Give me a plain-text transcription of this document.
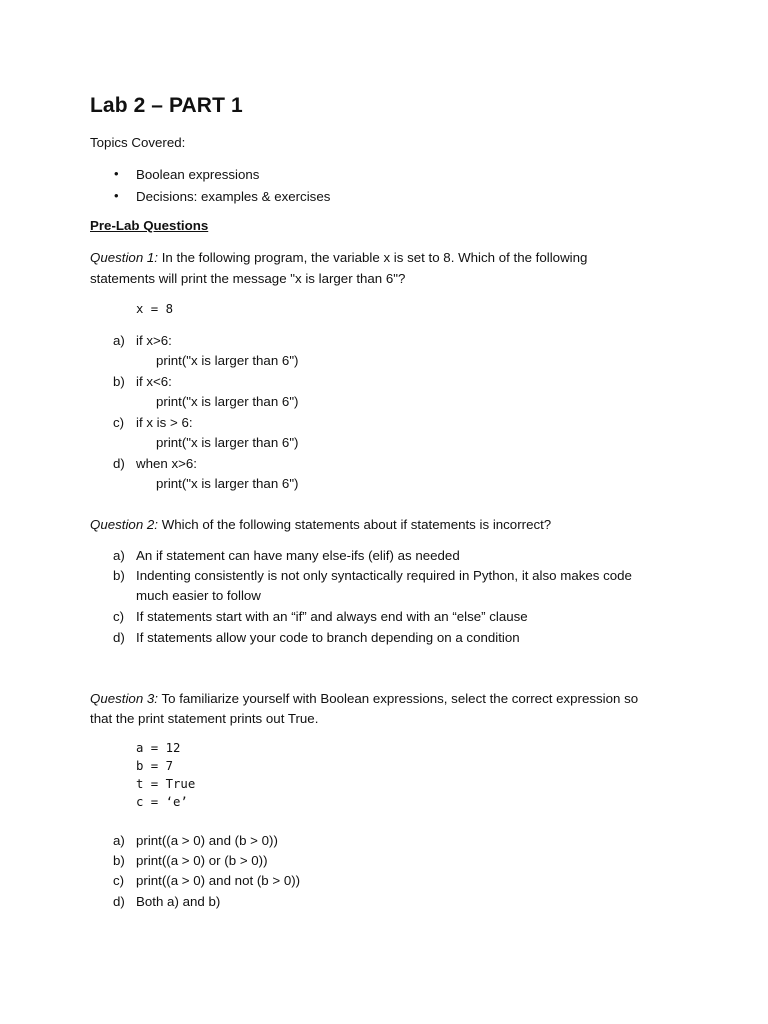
Lab 2 – PART 1
Topics Covered:
• Boolean expressions
• Decisions: examples & exercises
Pre-Lab Questions
Question 1: In the following program, the variable x is set to 8. Which of the following
statements will print the message "x is larger than 6"?
x = 8
a) if x>6:
print("x is larger than 6")
b) if x<6:
print("x is larger than 6")
c) if x is > 6:
print("x is larger than 6")
d) when x>6:
print("x is larger than 6")
Question 2: Which of the following statements about if statements is incorrect?
a) An if statement can have many else-ifs (elif) as needed
b) Indenting consistently is not only syntactically required in Python, it also makes code
much easier to follow
c) If statements start with an “if” and always end with an “else” clause
d) If statements allow your code to branch depending on a condition
Question 3: To familiarize yourself with Boolean expressions, select the correct expression so
that the print statement prints out True.
a = 12
b = 7
t = True
c = ‘e’
a) print((a > 0) and (b > 0))
b) print((a > 0) or (b > 0))
c) print((a > 0) and not (b > 0))
d) Both a) and b)
